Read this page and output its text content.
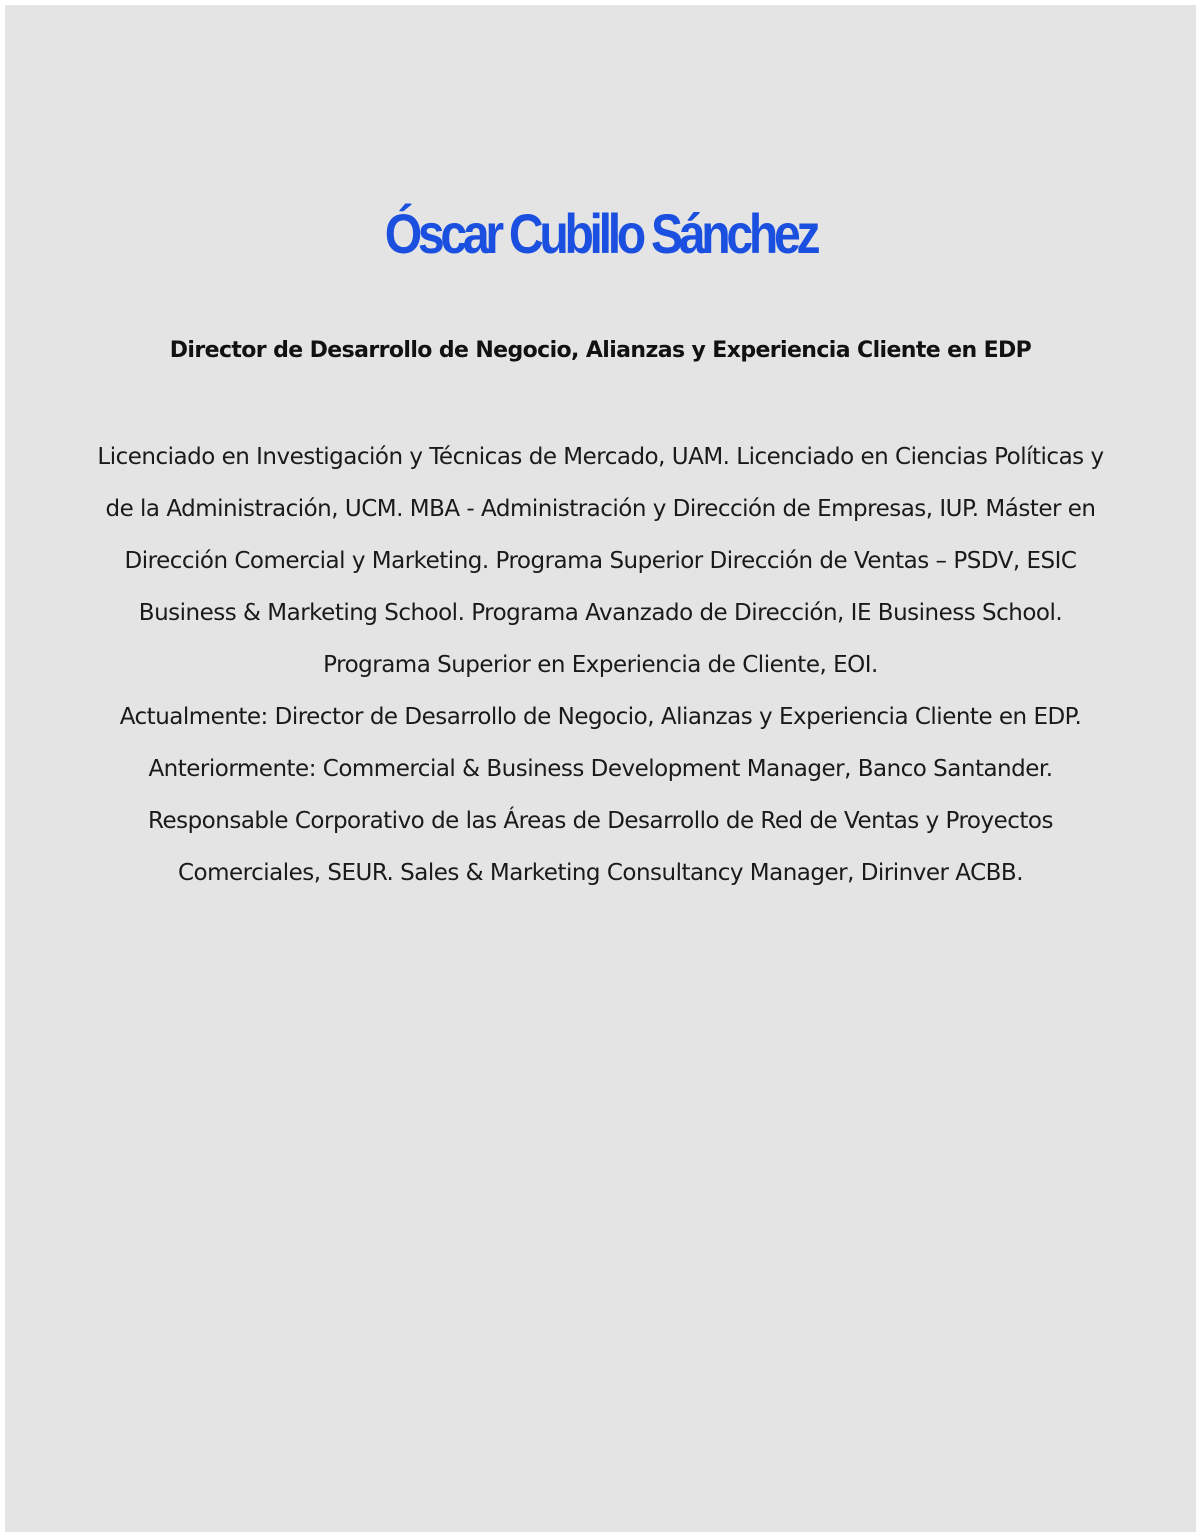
Óscar Cubillo Sánchez
Director de Desarrollo de Negocio, Alianzas y Experiencia Cliente en EDP

Licenciado en Investigación y Técnicas de Mercado, UAM. Licenciado en Ciencias Políticas y de la Administración, UCM. MBA - Administración y Dirección de Empresas, IUP. Máster en Dirección Comercial y Marketing. Programa Superior Dirección de Ventas – PSDV, ESIC Business & Marketing School. Programa Avanzado de Dirección, IE Business School. Programa Superior en Experiencia de Cliente, EOI.

Actualmente: Director de Desarrollo de Negocio, Alianzas y Experiencia Cliente en EDP. Anteriormente: Commercial & Business Development Manager, Banco Santander. Responsable Corporativo de las Áreas de Desarrollo de Red de Ventas y Proyectos Comerciales, SEUR. Sales & Marketing Consultancy Manager, Dirinver ACBB.
